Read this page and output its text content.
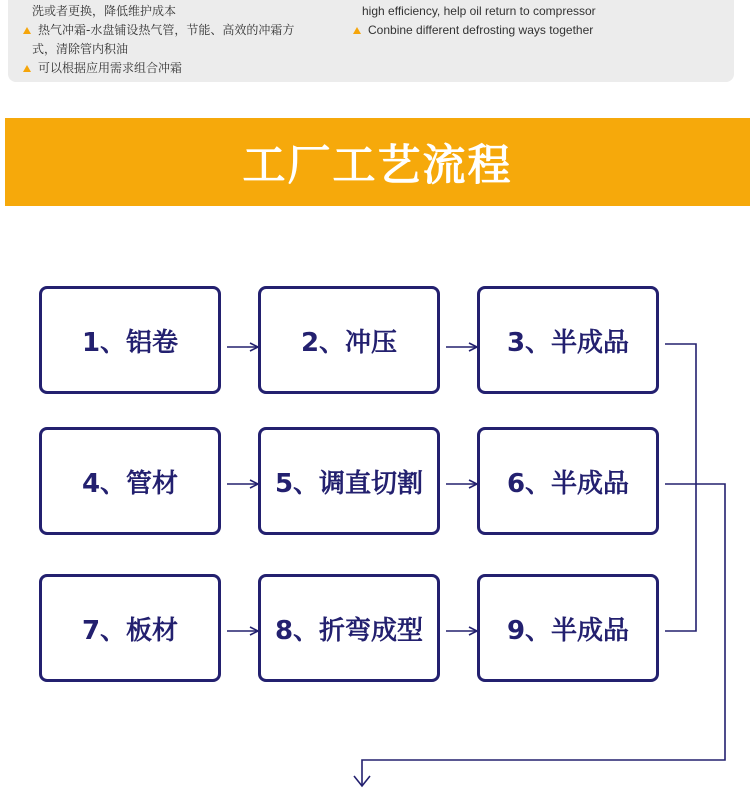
洗或者更换，降低维护成本
热气冲霜-水盘铺设热气管，节能、高效的冲霜方
式，清除管内积油
可以根据应用需求组合冲霜
high efficiency, help oil return to compressor
Conbine different defrosting ways together
工厂工艺流程
1、铝卷	2、冲压	3、半成品
4、管材	5、调直切割	6、半成品
7、板材	8、折弯成型	9、半成品
